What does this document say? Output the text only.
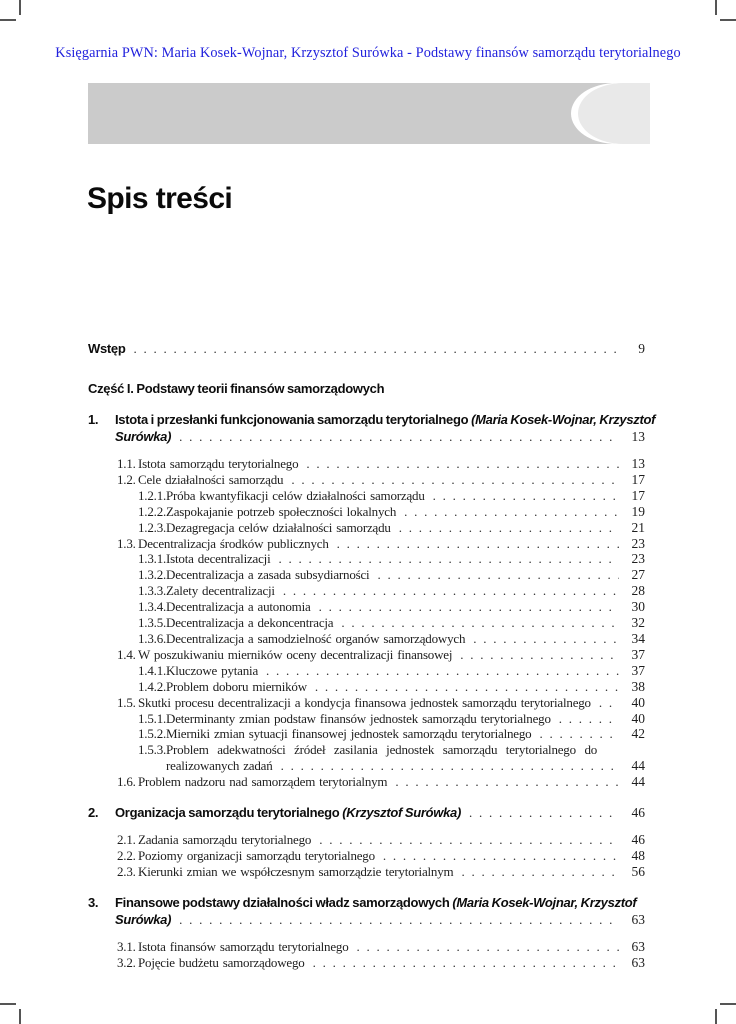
Księgarnia PWN: Maria Kosek-Wojnar, Krzysztof Surówka - Podstawy finansów samorządu terytorialnego
Spis treści
Wstęp . . .	9
Część I. Podstawy teorii finansów samorządowych
1.	Istota i przesłanki funkcjonowania samorządu terytorialnego (Maria Kosek-Wojnar, Krzysztof
Surówka) . . .	13
1.1. Istota samorządu terytorialnego . . .	13
1.2. Cele działalności samorządu . . .	17
1.2.1. Próba kwantyfikacji celów działalności samorządu . . .	17
1.2.2. Zaspokajanie potrzeb społeczności lokalnych . . .	19
1.2.3. Dezagregacja celów działalności samorządu . . .	21
1.3. Decentralizacja środków publicznych . . .	23
1.3.1. Istota decentralizacji . . .	23
1.3.2. Decentralizacja a zasada subsydiarności . . .	27
1.3.3. Zalety decentralizacji . . .	28
1.3.4. Decentralizacja a autonomia . . .	30
1.3.5. Decentralizacja a dekoncentracja . . .	32
1.3.6. Decentralizacja a samodzielność organów samorządowych . . .	34
1.4. W poszukiwaniu mierników oceny decentralizacji finansowej . . .	37
1.4.1. Kluczowe pytania . . .	37
1.4.2. Problem doboru mierników . . .	38
1.5. Skutki procesu decentralizacji a kondycja finansowa jednostek samorządu terytorialnego . . .	40
1.5.1. Determinanty zmian podstaw finansów jednostek samorządu terytorialnego . . .	40
1.5.2. Mierniki zmian sytuacji finansowej jednostek samorządu terytorialnego . . .	42
1.5.3. Problem adekwatności źródeł zasilania jednostek samorządu terytorialnego do
realizowanych zadań . . .	44
1.6. Problem nadzoru nad samorządem terytorialnym . . .	44
2.	Organizacja samorządu terytorialnego (Krzysztof Surówka) . . .	46
2.1. Zadania samorządu terytorialnego . . .	46
2.2. Poziomy organizacji samorządu terytorialnego . . .	48
2.3. Kierunki zmian we współczesnym samorządzie terytorialnym . . .	56
3.	Finansowe podstawy działalności władz samorządowych (Maria Kosek-Wojnar, Krzysztof
Surówka) . . .	63
3.1. Istota finansów samorządu terytorialnego . . .	63
3.2. Pojęcie budżetu samorządowego . . .	63
